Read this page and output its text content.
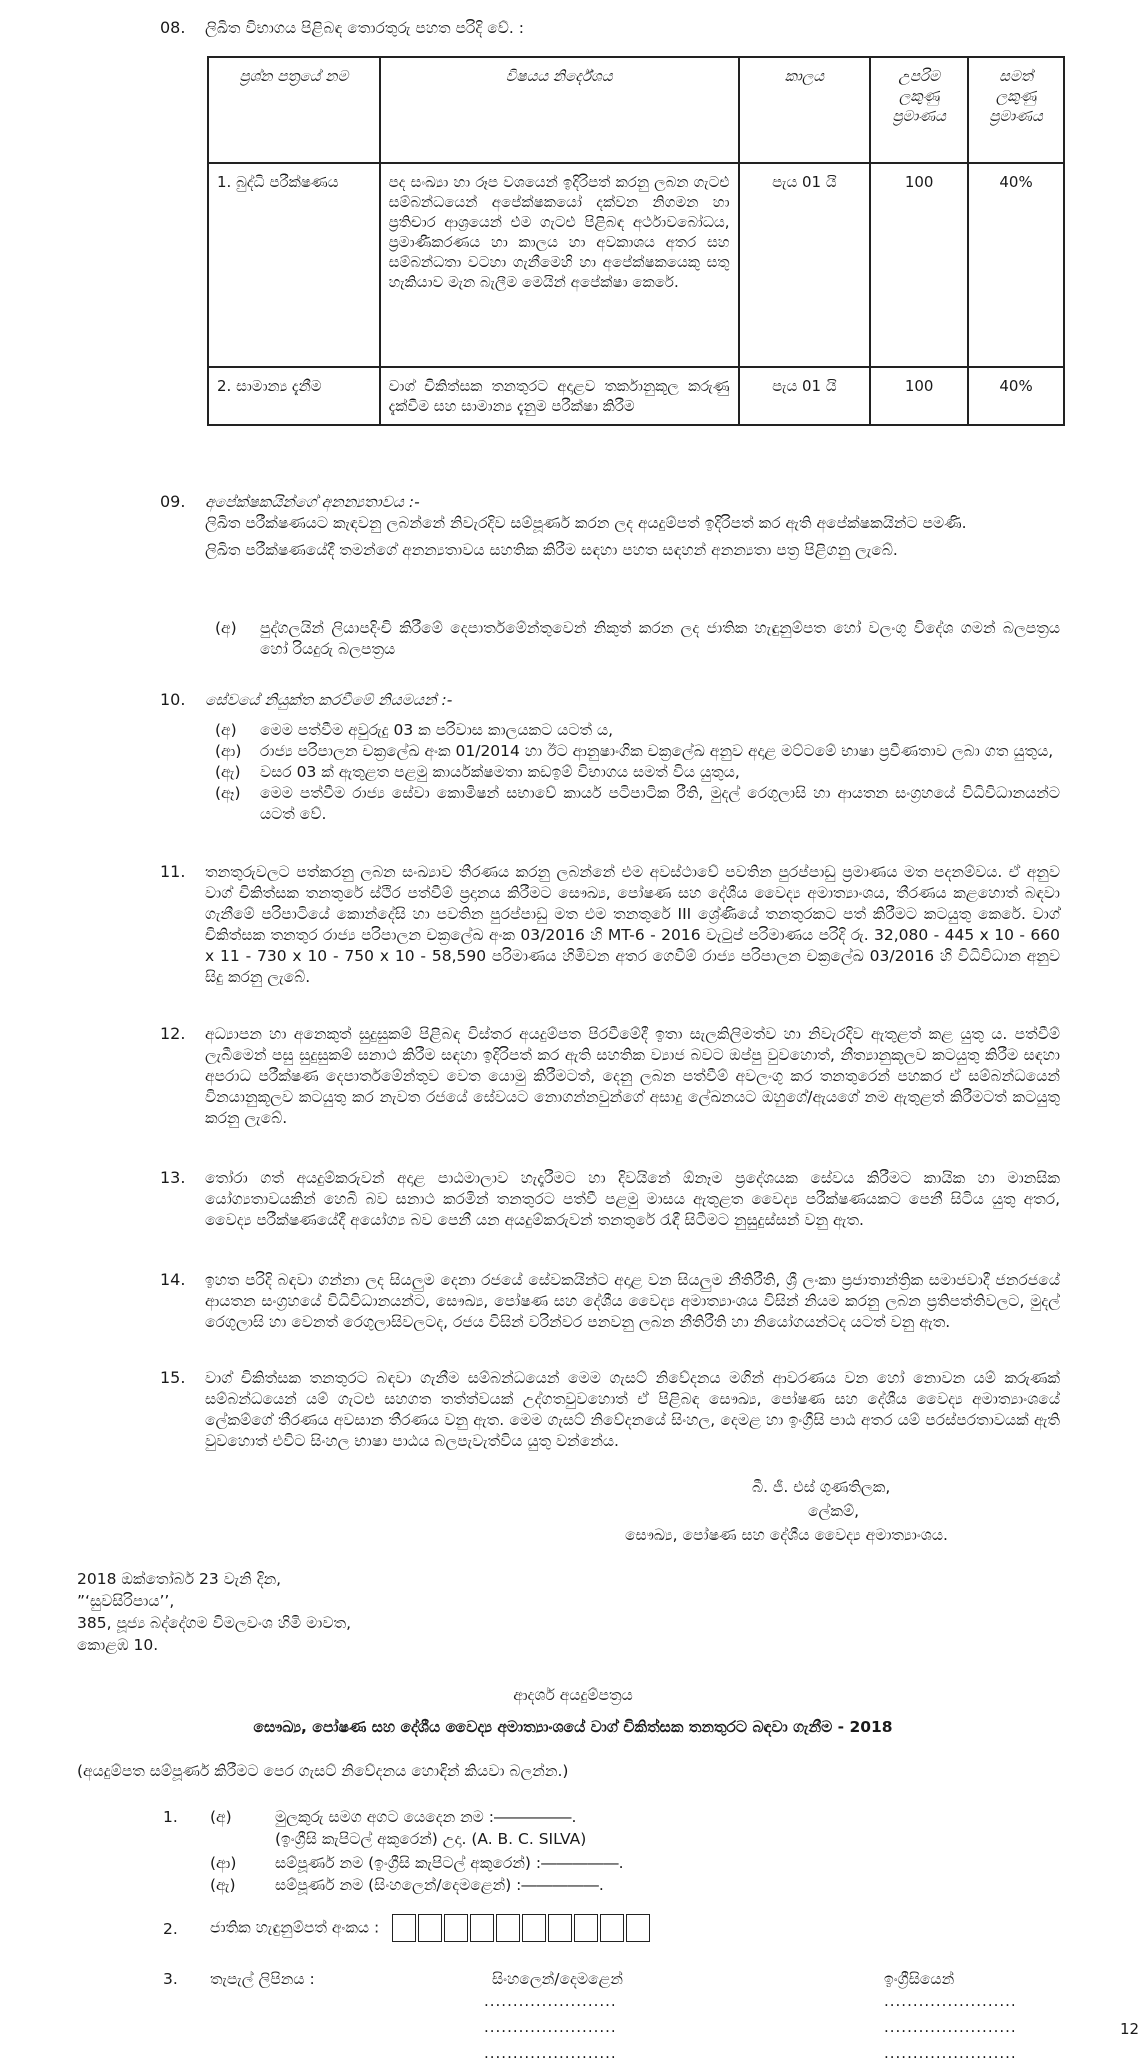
08. ලිඛිත විභාගය පිළිබඳ තොරතුරු පහත පරිදි වේ. :
ප්‍රශ්න පත්‍රයේ නම	විෂයය නිර්දේශය	කාලය	උපරිම ලකුණු ප්‍රමාණය	සමත් ලකුණු ප්‍රමාණය
1. බුද්ධි පරීක්ෂණය	පද සංඛ්‍යා හා රූප වශයෙන් ඉදිරිපත් කරනු ලබන ගැටළු සම්බන්ධයෙන් අපේක්ෂකයෝ දක්වන නිගමන හා ප්‍රතිචාර ආශ්‍රයෙන් එම ගැටළු පිළිබඳ අර්ථාවබෝධය, ප්‍රමාණීකරණය හා කාලය හා අවකාශය අතර සහ සම්බන්ධතා වටහා ගැනීමෙහි හා අපේක්ෂකයෙකු සතු හැකියාව මැන බැලීම මෙයින් අපේක්ෂා කෙරේ.	පැය 01 යි	100	40%
2. සාමාන්‍ය දැනීම	වාග් චිකිත්සක තනතුරට අදාළව තර්කානුකූල කරුණු දැක්වීම සහ සාමාන්‍ය දැනුම පරීක්ෂා කිරීම	පැය 01 යි	100	40%
09. අපේක්ෂකයින්ගේ අනන්‍යතාවය :-

ලිඛිත පරීක්ෂණයට කැඳවනු ලබන්නේ නිවැරදිව සම්පූර්ණ කරන ලද අයදුම්පත් ඉදිරිපත් කර ඇති අපේක්ෂකයින්ට පමණි.

ලිඛිත පරීක්ෂණයේදී තමන්ගේ අනන්‍යතාවය සහතික කිරීම සඳහා පහත සඳහන් අනන්‍යතා පත්‍ර පිළිගනු ලැබේ.

(අ)	පුද්ගලයින් ලියාපදිංචි කිරීමේ දෙපාර්තමේන්තුවෙන් නිකුත් කරන ලද ජාතික හැඳුනුම්පත හෝ වලංගු විදේශ ගමන් බලපත්‍රය හෝ රියදුරු බලපත්‍රය
10. සේවයේ නියුක්ත කරවීමේ නියමයන් :-
(අ)	මෙම පත්වීම අවුරුදු 03 ක පරිවාස කාලයකට යටත් ය,
(ආ)	රාජ්‍ය පරිපාලන චක්‍රලේඛ අංක 01/2014 හා ඊට ආනුෂාංගික චක්‍රලේඛ අනුව අදාළ මට්ටමේ භාෂා ප්‍රවීණතාව ලබා ගත යුතුය,
(ඇ)	වසර 03 ක් ඇතුළත පළමු කාර්යක්ෂමතා කඩඉම් විභාගය සමත් විය යුතුය,
(ඈ)	මෙම පත්වීම රාජ්‍ය සේවා කොමිෂන් සභාවේ කාර්ය පටිපාටික රීති, මුදල් රෙගුලාසි හා ආයතන සංග්‍රහයේ විධිවිධානයන්ට යටත් වේ.
11. තනතුරුවලට පත්කරනු ලබන සංඛ්‍යාව තීරණය කරනු ලබන්නේ එම අවස්ථාවේ පවතින පුරප්පාඩු ප්‍රමාණය මත පදනම්වය. ඒ අනුව වාග් චිකිත්සක තනතුරේ ස්ථිර පත්වීම් ප්‍රදානය කිරීමට සෞඛ්‍ය, පෝෂණ සහ දේශීය වෛද්‍ය අමාත්‍යාංශය, තීරණය කළහොත් බඳවා ගැනීමේ පරිපාටියේ කොන්දේසි හා පවතින පුරප්පාඩු මත එම තනතුරේ III ශ්‍රේණියේ තනතුරකට පත් කිරීමට කටයුතු කෙරේ. වාග් චිකිත්සක තනතුර රාජ්‍ය පරිපාලන චක්‍රලේඛ අංක 03/2016 හි MT-6 - 2016 වැටුප් පරිමාණය පරිදි රු. 32,080 - 445 x 10 - 660 x 11 - 730 x 10 - 750 x 10 - 58,590 පරිමාණය හිමිවන අතර ගෙවීම් රාජ්‍ය පරිපාලන චක්‍රලේඛ 03/2016 හි විධිවිධාන අනුව සිදු කරනු ලැබේ.
12. අධ්‍යාපන හා අනෙකුත් සුදුසුකම් පිළිබඳ විස්තර අයදුම්පත පිරවීමේදී ඉතා සැලකිලිමත්ව හා නිවැරදිව ඇතුළත් කළ යුතු ය. පත්වීම් ලැබීමෙන් පසු සුදුසුකම් සනාථ කිරීම සඳහා ඉදිරිපත් කර ඇති සහතික ව්‍යාජ බවට ඔප්පු වුවහොත්, නීත්‍යානුකූලව කටයුතු කිරීම සඳහා අපරාධ පරීක්ෂණ දෙපාර්තමේන්තුව වෙත යොමු කිරීමටත්, දෙනු ලබන පත්වීම් අවලංගු කර තනතුරෙන් පහකර ඒ සම්බන්ධයෙන් විනයානුකූලව කටයුතු කර නැවත රජයේ සේවයට නොගන්නවුන්ගේ අසාදු ලේඛනයට ඔහුගේ/ඇයගේ නම ඇතුළත් කිරීමටත් කටයුතු කරනු ලැබේ.
13. තෝරා ගත් අයදුම්කරුවන් අදාළ පාඨමාලාව හැදෑරීමට හා දිවයිනේ ඕනෑම ප්‍රදේශයක සේවය කිරීමට කායික හා මානසික යෝග්‍යතාවයකින් හෙබි බව සනාථ කරමින් තනතුරට පත්වී පළමු මාසය ඇතුළත වෛද්‍ය පරීක්ෂණයකට පෙනී සිටිය යුතු අතර, වෛද්‍ය පරීක්ෂණයේදී අයෝග්‍ය බව පෙනී යන අයදුම්කරුවන් තනතුරේ රැඳී සිටීමට නුසුදුස්සන් වනු ඇත.
14. ඉහත පරිදි බඳවා ගන්නා ලද සියලුම දෙනා රජයේ සේවකයින්ට අදාළ වන සියලුම නීතිරීති, ශ්‍රී ලංකා ප්‍රජාතාන්ත්‍රික සමාජවාදී ජනරජයේ ආයතන සංග්‍රහයේ විධිවිධානයන්ට, සෞඛ්‍ය, පෝෂණ සහ දේශීය වෛද්‍ය අමාත්‍යාංශය විසින් නියම කරනු ලබන ප්‍රතිපත්තිවලට, මුදල් රෙගුලාසි හා වෙනත් රෙගුලාසිවලටද, රජය විසින් වරින්වර පනවනු ලබන නීතිරීති හා නියෝගයන්ටද යටත් වනු ඇත.
15. වාග් චිකිත්සක තනතුරට බඳවා ගැනීම සම්බන්ධයෙන් මෙම ගැසට් නිවේදනය මගින් ආවරණය වන හෝ නොවන යම් කරුණක් සම්බන්ධයෙන් යම් ගැටළු සහගත තත්ත්වයක් උද්ගතවුවහොත් ඒ පිළිබඳ සෞඛ්‍ය, පෝෂණ සහ දේශීය වෛද්‍ය අමාත්‍යාංශයේ ලේකම්ගේ තීරණය අවසාන තීරණය වනු ඇත. මෙම ගැසට් නිවේදනයේ සිංහල, දෙමළ හා ඉංග්‍රීසි පාඨ අතර යම් පරස්පරතාවයක් ඇති වුවහොත් එවිට සිංහල භාෂා පාඨය බලපැවැත්විය යුතු වන්නේය.
බී. ජී. එස් ගුණතිලක,
ලේකම්,
සෞඛ්‍ය, පෝෂණ සහ දේශීය වෛද්‍ය අමාත්‍යාංශය.
2018 ඔක්තෝබර් 23 වැනි දින,
”‘සුවසිරිපාය’’,
385, පූජ්‍ය බද්දේගම විමලවංශ හිමි මාවත,
කොළඹ 10.
ආදර්ශ අයදුම්පත්‍රය
සෞඛ්‍ය, පෝෂණ සහ දේශීය වෛද්‍ය අමාත්‍යාංශයේ වාග් චිකිත්සක තනතුරට බඳවා ගැනීම - 2018
(අයදුම්පත සම්පූර්ණ කිරීමට පෙර ගැසට් නිවේදනය හොඳින් කියවා බලන්න.)
1. (අ)	මුලකුරු සමග අගට යෙදෙන නම :―――――.
(ඉංග්‍රීසි කැපිටල් අකුරෙන්) උදා. (A. B. C. SILVA)
(ආ) සම්පූර්ණ නම (ඉංග්‍රීසි කැපිටල් අකුරෙන්) :―――――.
(ඇ)	සම්පූර්ණ නම (සිංහලෙන්/දෙමළෙන්) :―――――.
2. ජාතික හැඳුනුම්පත් අංකය :
3. තැපැල් ලිපිනය :	සිංහලෙන්/දෙමළෙන්	ඉංග්‍රීසියෙන්
.......................
.......................
.......................
.......................
.......................
.......................
12
